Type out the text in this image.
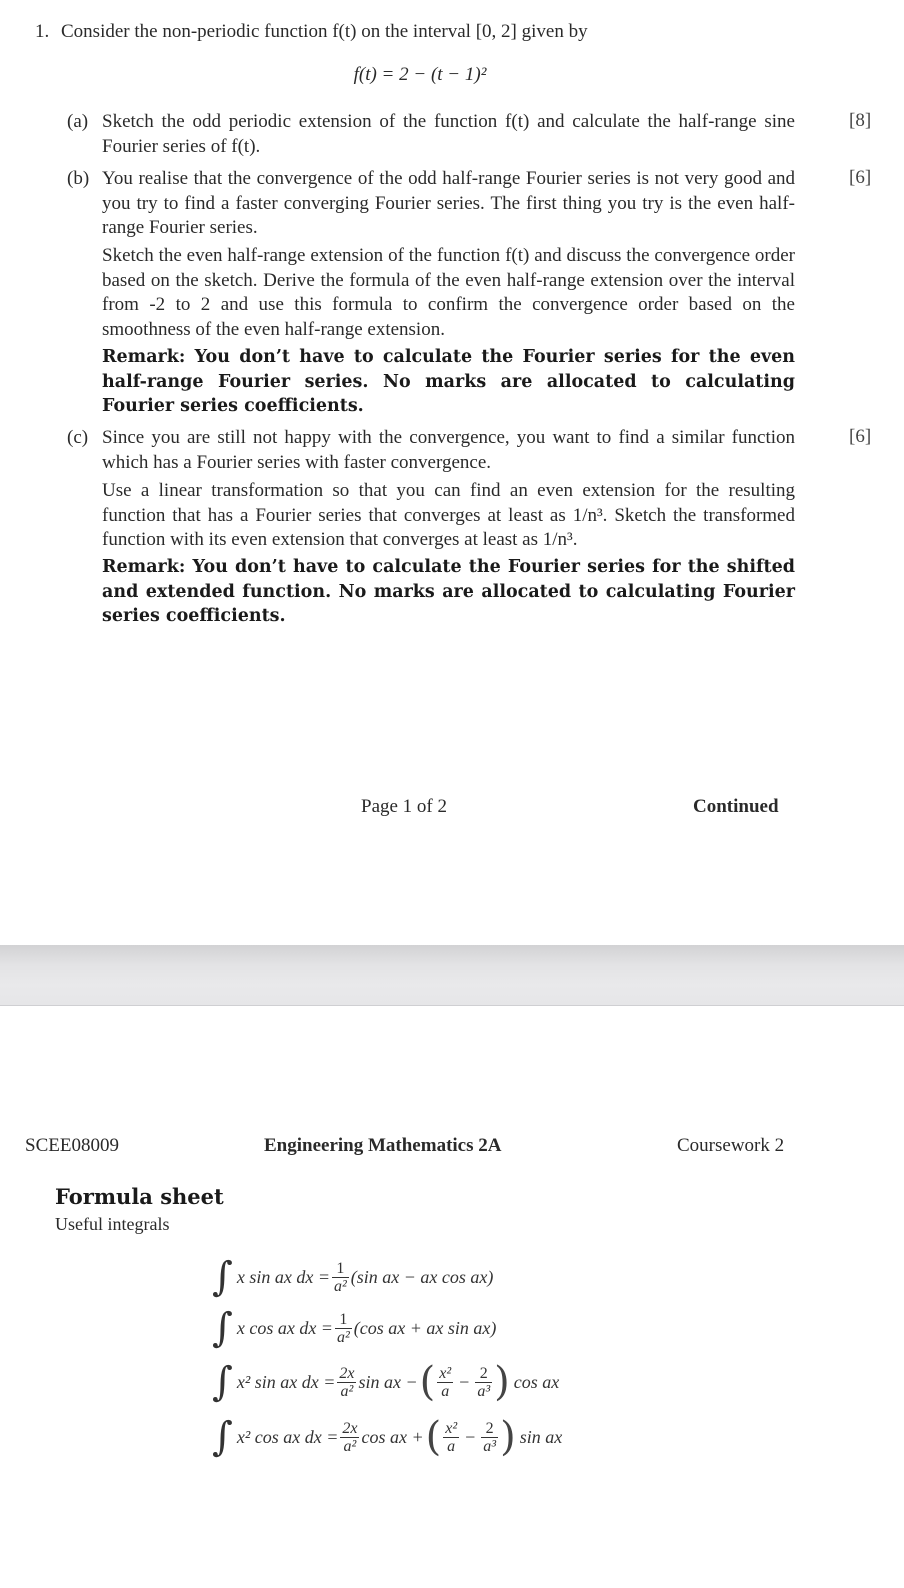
1. Consider the non-periodic function f(t) on the interval [0, 2] given by
f(t) = 2 − (t − 1)²
(a) Sketch the odd periodic extension of the function f(t) and calculate the half-range sine Fourier series of f(t).
[8]
(b) You realise that the convergence of the odd half-range Fourier series is not very good and you try to find a faster converging Fourier series. The first thing you try is the even half-range Fourier series.
[6]
Sketch the even half-range extension of the function f(t) and discuss the convergence order based on the sketch. Derive the formula of the even half-range extension over the interval from -2 to 2 and use this formula to confirm the convergence order based on the smoothness of the even half-range extension.
Remark: You don’t have to calculate the Fourier series for the even half-range Fourier series. No marks are allocated to calculating Fourier series coefficients.
(c) Since you are still not happy with the convergence, you want to find a similar function which has a Fourier series with faster convergence.
[6]
Use a linear transformation so that you can find an even extension for the resulting function that has a Fourier series that converges at least as 1/n³. Sketch the transformed function with its even extension that converges at least as 1/n³.
Remark: You don’t have to calculate the Fourier series for the shifted and extended function. No marks are allocated to calculating Fourier series coefficients.
Page 1 of 2	Continued
SCEE08009	Engineering Mathematics 2A	Coursework 2
Formula sheet
Useful integrals
∫ x sin ax dx = $\frac{1}{\text{a²}} (\sin$ ax − ax cos ax)
∫ x cos ax dx = $\frac{1}{\text{a²}} (\cos$ ax + ax sin ax)
∫ x² sin ax dx = $\frac{2x}{\text{a²}}$ sin ax − ( $\frac{\text{x²}}{a} - \frac{2}{\text{a³}}$ ) cos ax
∫ x² cos ax dx = $\frac{2x}{\text{a²}}$ cos ax + ( $\frac{\text{x²}}{a} - \frac{2}{\text{a³}}$ ) sin ax
